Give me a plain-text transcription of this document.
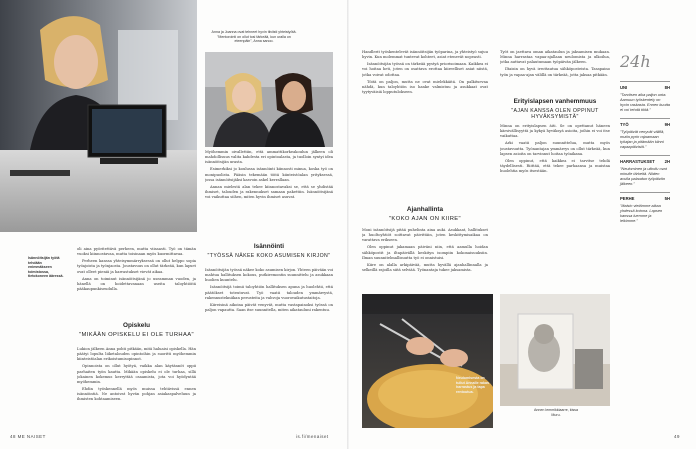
Isännöitsijän työtä tehdään enimmäkseen toimistossa, tietokoneen ääressä.
Anna ja Joanna ovat tehneet hyvin tiiviisti yhteistyötä. "Mentorointi on ollut tosi tärkeää, kun uralla on eteenpäin", Anna sanoo.

Myöhemmin oivallettiin, että ammattikorkeakoulun jälkeen oli mahdollisuus valita kahdesta eri opintoalasta, ja tuolloin syntyi idea isännöitsijän urasta.

Esimerkiksi jo koulussa isännöinti kiinnosti minua, koska työ on monipuolista. Pääsin tekemään töitä kiinteistöalan yrityksessä, jossa isännöitsijäksi kasvoin askel kerrallaan.

Annan mielestä alan tekee kiinnostavaksi se, että se yhdistää ihmiset, talouden ja rakennukset samaan pakettiin. Isännöitsijänä voi vaikuttaa siihen, miten hyvin ihmiset asuvat.

oli aina pyöritettävä perheen, mutta viisaasti. Työ on tämän vuoksi kiinnostavaa, mutta toisinaan myös kuormittavaa.

Perheen kanssa yhteisymmärryksessä on ollut helppo sopia työajoista ja työnjaosta. Joustavuus on ollut tärkeää, kun lapset ovat olleet pieniä ja harrastukset vievät aikaa.

Anna on toiminut isännöitsijänä jo useamman vuoden, ja hänellä on hoidettavanaan useita taloyhtiöitä pääkaupunkiseudulla.

Opiskelu
"MIKÄÄN OPISKELU EI OLE TURHAA"

Lukion jälkeen Anna pohti pitkään, mitä haluaisi opiskella. Hän päätyi lopulta liiketalouden opintoihin ja suoritti myöhemmin kiinteistöalan erikoistumisopinnot.

Opinnoista on ollut hyötyä, vaikka alan käytännöt oppii parhaiten työn kautta. Mikään opiskelu ei ole turhaa, sillä jokainen kokemus kerryttää osaamista, jota voi hyödyntää myöhemmin.

Ehdin työskennellä myös muissa tehtävissä ennen isännöintiä. Ne antoivat hyvän pohjan asiakaspalveluun ja ihmisten kohtaamiseen.

Isännöinti
"TYÖSSÄ NÄKEE KOKO ASUMISEN KIRJON"

Isännöitsijän työssä näkee koko asumisen kirjon. Yhteen päivään voi mahtua hallituksen kokous, putkiremontin suunnittelu ja asukkaan huolien kuuntelu.

Isännöitsijä toimii taloyhtiön hallituksen apuna ja huolehtii, että päätökset toteutuvat. Työ vaatii talouden ymmärrystä, rakennustekniikan perusteita ja vahvoja vuorovaikutustaitoja.

Kiireisinä aikoina päivät venyvät, mutta vastapainoksi työssä on paljon vapautta. Saan itse suunnitella, miten aikatauluni rakentuu.

48 ME NAISET	is.fi/menaiset

Handlerit työskentelevät isännöitsijän työparina, ja yhteistyö sujuu hyvin. Kun molemmat tuntevat kohteet, asiat etenevät nopeasti.

Isännöitsijän työssä on tärkeää pystyä priorisoimaan. Kaikkea ei voi hoitaa heti, joten on osattava erottaa kiireelliset asiat niistä, jotka voivat odottaa.

Töitä on paljon, mutta ne ovat mielekkäitä. On palkitsevaa nähdä, kun taloyhtiön iso hanke valmistuu ja asukkaat ovat tyytyväisiä lopputulokseen.

Ajanhallinta
"KOKO AJAN ON KIIRE"

Moni isännöitsijä pitää puhelinta aina auki. Asukkaat, hallitukset ja huoltoyhtiöt soittavat päivittäin, joten keskittymisaikaa on varattava erikseen.

Olen oppinut jakamaan päiväni niin, että aamulla hoidan sähköpostit ja iltapäivällä keskityn isompiin kokonaisuuksiin. Ilman suunnitelmallisuutta työ ei onnistuisi.

Kiire on alalla arkipäivää, mutta hyvällä ajanhallinnalla ja selkeillä rajoilla siitä selviää. Työnantaja tukee jaksamista.

Työt on jaettava oman aikataulun ja jaksamisen mukaan. Minna harrastaa vapaa-ajallaan neulomista ja ulkoilua, jotka auttavat palautumaan työpäivän jälkeen.

Iltaisin on hyvä irrottautua sähköposteista. Tasapaino työn ja vapaa-ajan välillä on tärkeää, jotta jaksaa pitkään.

Erityislapsen vanhemmuus
"AJAN KANSSA OLEN OPPINUT HYVÄKSYMISTÄ"

Minna on erityislapsen äiti. Se on opettanut häneen kärsivällisyyttä ja kykyä hyväksyä asioita, joihin ei voi itse vaikuttaa.

Arki vaatii paljon suunnittelua, mutta myös joustavuutta. Työnantajan ymmärrys on ollut tärkeää, kun lapsen asioita on tarvinnut hoitaa työaikana.

Olen oppinut, että kaikkea ei tarvitse tehdä täydellisesti. Riittää, että tekee parhaansa ja muistaa huolehtia myös itsestään.

Neulomisesta on tullut Annalle rakas harrastus ja tapa rentoutua.
Annen lemmikkiaarre, kissa Muru.
24h
UNI	8H
"Tarvitsen aika paljon unta. Aamuun työskentely on hyvin raskasta. Ennen kuutta ei voi tehdä töitä."
TYÖ	9H
"Työpäivät venyvät välillä, mutta pyrin rajaamaan työajan ja pitämään kiinni vapaapäivistä."
HARRASTUKSET 2H
"Neulominen ja ulkoilu ovat minulle tärkeitä. Niiden avulla palaudun työpäivän jälkeen."
PERHE	5H
"Iltaisin vietämme aikaa yhdessä kotona. Lapsen kanssa luemme ja leikimme."
49
